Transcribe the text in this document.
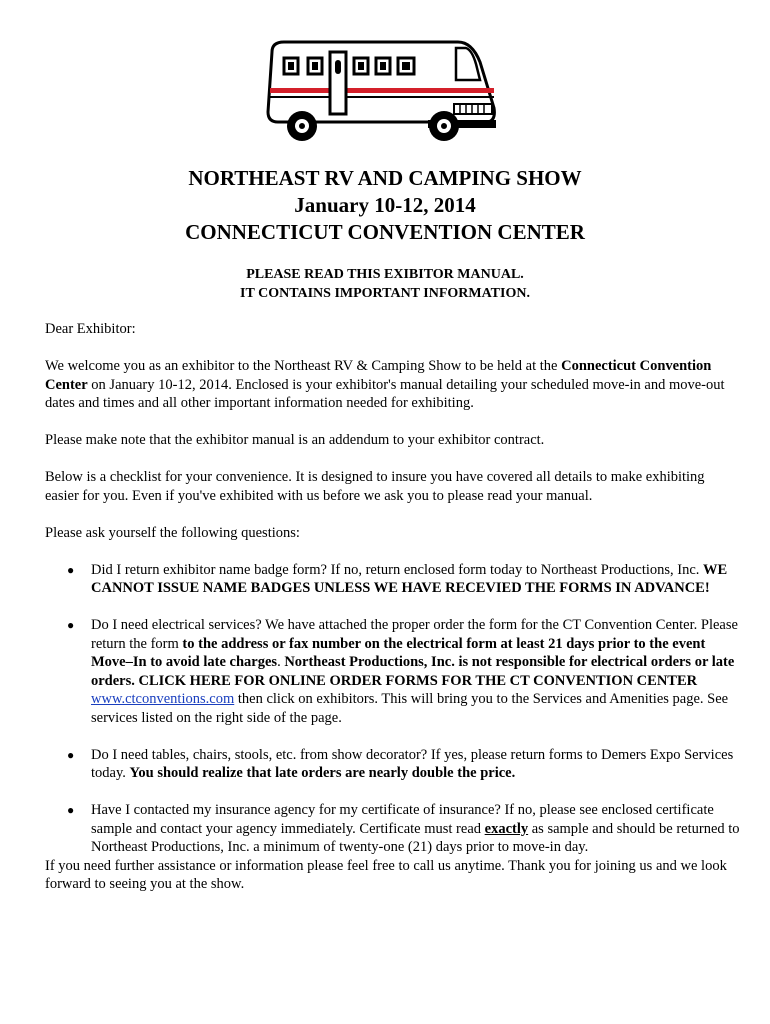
NORTHEAST RV AND CAMPING SHOW
January 10-12, 2014
CONNECTICUT CONVENTION CENTER
PLEASE READ THIS EXIBITOR MANUAL.
IT CONTAINS IMPORTANT INFORMATION.

Dear Exhibitor:

We welcome you as an exhibitor to the Northeast RV & Camping Show to be held at the Connecticut Convention Center on January 10-12, 2014. Enclosed is your exhibitor's manual detailing your scheduled move-in and move-out dates and times and all other important information needed for exhibiting.

Please make note that the exhibitor manual is an addendum to your exhibitor contract.

Below is a checklist for your convenience. It is designed to insure you have covered all details to make exhibiting easier for you. Even if you've exhibited with us before we ask you to please read your manual.

Please ask yourself the following questions:

● Did I return exhibitor name badge form? If no, return enclosed form today to Northeast Productions, Inc. WE CANNOT ISSUE NAME BADGES UNLESS WE HAVE RECEVIED THE FORMS IN ADVANCE!
● Do I need electrical services? We have attached the proper order the form for the CT Convention Center. Please return the form to the address or fax number on the electrical form at least 21 days prior to the event Move–In to avoid late charges. Northeast Productions, Inc. is not responsible for electrical orders or late orders. CLICK HERE FOR ONLINE ORDER FORMS FOR THE CT CONVENTION CENTER www.ctconventions.com then click on exhibitors. This will bring you to the Services and Amenities page. See services listed on the right side of the page.
● Do I need tables, chairs, stools, etc. from show decorator? If yes, please return forms to Demers Expo Services today. You should realize that late orders are nearly double the price.
● Have I contacted my insurance agency for my certificate of insurance? If no, please see enclosed certificate sample and contact your agency immediately. Certificate must read exactly as sample and should be returned to Northeast Productions, Inc. a minimum of twenty-one (21) days prior to move-in day.

If you need further assistance or information please feel free to call us anytime. Thank you for joining us and we look forward to seeing you at the show.
